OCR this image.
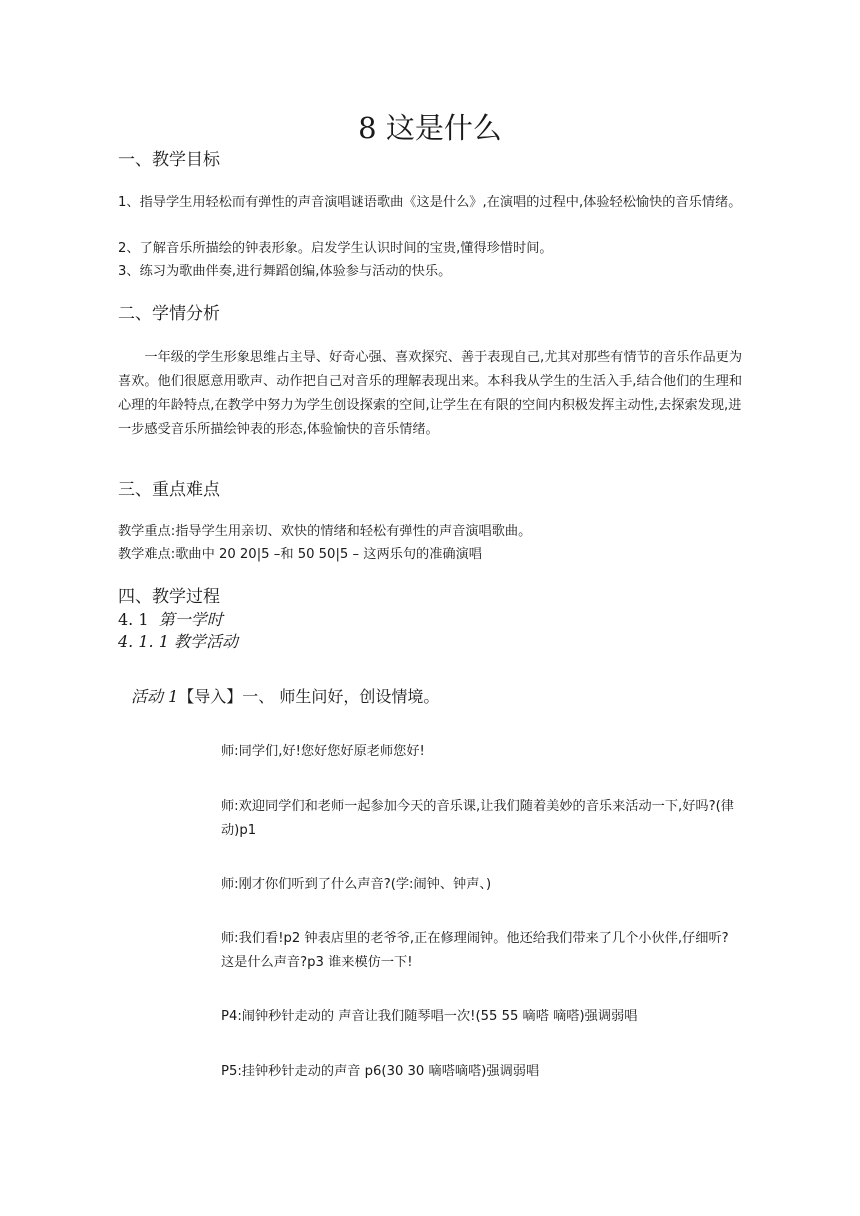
8 这是什么
一、教学目标

1、指导学生用轻松而有弹性的声音演唱谜语歌曲《这是什么》,在演唱的过程中,体验轻松愉快的音乐情绪。

2、了解音乐所描绘的钟表形象。启发学生认识时间的宝贵,懂得珍惜时间。

3、练习为歌曲伴奏,进行舞蹈创编,体验参与活动的快乐。

二、学情分析

一年级的学生形象思维占主导、好奇心强、喜欢探究、善于表现自己,尤其对那些有情节的音乐作品更为喜欢。他们很愿意用歌声、动作把自己对音乐的理解表现出来。本科我从学生的生活入手,结合他们的生理和心理的年龄特点,在教学中努力为学生创设探索的空间,让学生在有限的空间内积极发挥主动性,去探索发现,进一步感受音乐所描绘钟表的形态,体验愉快的音乐情绪。

三、重点难点

教学重点:指导学生用亲切、欢快的情绪和轻松有弹性的声音演唱歌曲。

教学难点:歌曲中 20 20|5 –和 50 50|5 – 这两乐句的准确演唱

四、教学过程

4. 1 第一学时

4. 1. 1 教学活动

活动 1【导入】一、 师生问好，创设情境。

师:同学们,好!您好您好原老师您好!

师:欢迎同学们和老师一起参加今天的音乐课,让我们随着美妙的音乐来活动一下,好吗?(律动)p1

师:刚才你们听到了什么声音?(学:闹钟、钟声、)

师:我们看!p2 钟表店里的老爷爷,正在修理闹钟。他还给我们带来了几个小伙伴,仔细听?这是什么声音?p3 谁来模仿一下!

P4:闹钟秒针走动的 声音让我们随琴唱一次!(55 55 嘀嗒 嘀嗒)强调弱唱

P5:挂钟秒针走动的声音 p6(30 30 嘀嗒嘀嗒)强调弱唱
